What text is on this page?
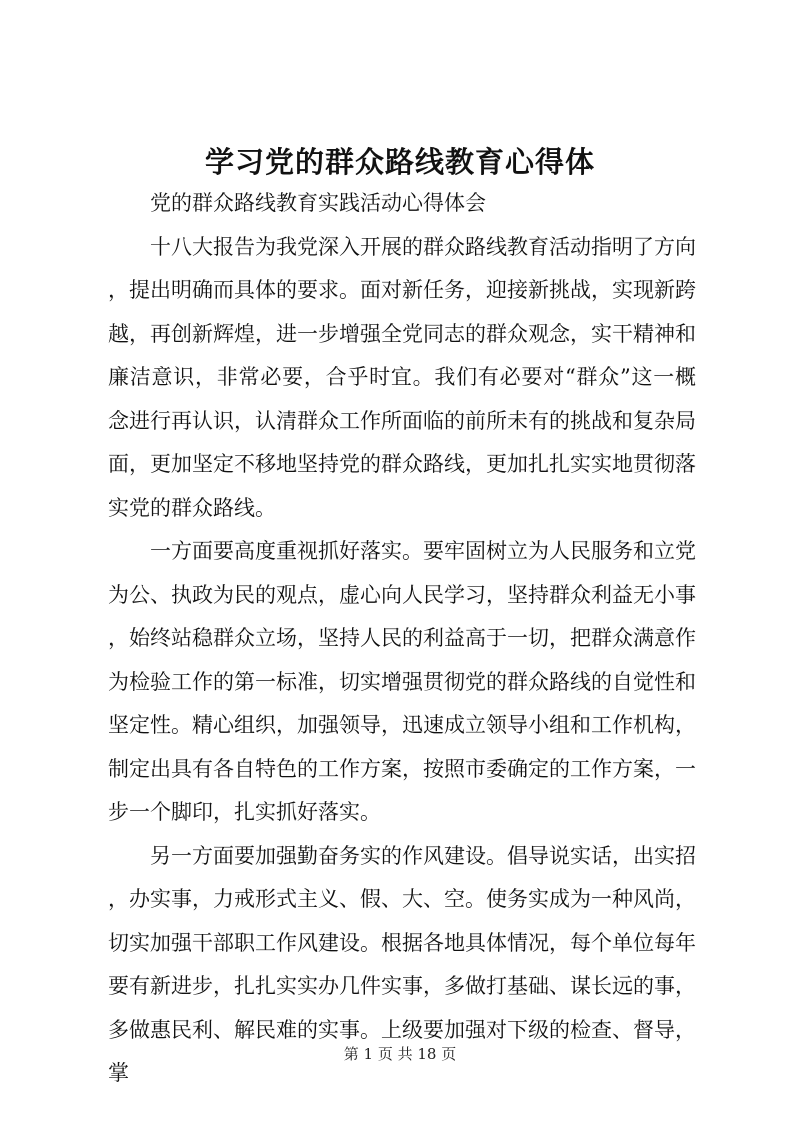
学习党的群众路线教育心得体

党的群众路线教育实践活动心得体会

十八大报告为我党深入开展的群众路线教育活动指明了方向，提出明确而具体的要求。面对新任务，迎接新挑战，实现新跨越，再创新辉煌，进一步增强全党同志的群众观念，实干精神和廉洁意识，非常必要，合乎时宜。我们有必要对“群众”这一概念进行再认识，认清群众工作所面临的前所未有的挑战和复杂局面，更加坚定不移地坚持党的群众路线，更加扎扎实实地贯彻落实党的群众路线。

一方面要高度重视抓好落实。要牢固树立为人民服务和立党为公、执政为民的观点，虚心向人民学习，坚持群众利益无小事，始终站稳群众立场，坚持人民的利益高于一切，把群众满意作为检验工作的第一标准，切实增强贯彻党的群众路线的自觉性和坚定性。精心组织，加强领导，迅速成立领导小组和工作机构，制定出具有各自特色的工作方案，按照市委确定的工作方案，一步一个脚印，扎实抓好落实。

另一方面要加强勤奋务实的作风建设。倡导说实话，出实招，办实事，力戒形式主义、假、大、空。使务实成为一种风尚，切实加强干部职工作风建设。根据各地具体情况，每个单位每年要有新进步，扎扎实实办几件实事，多做打基础、谋长远的事，多做惠民利、解民难的实事。上级要加强对下级的检查、督导，掌

第 1 页 共 18 页
